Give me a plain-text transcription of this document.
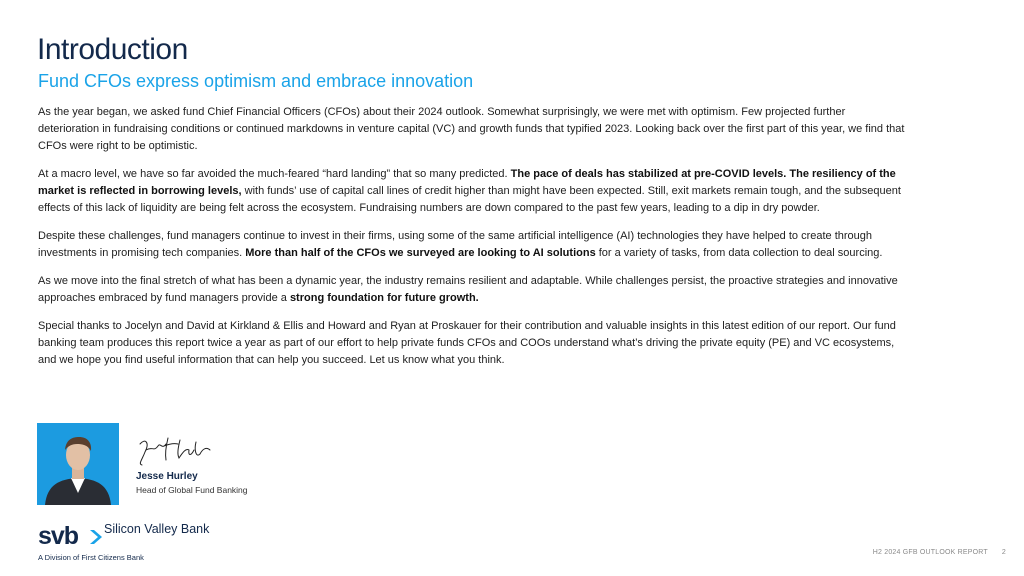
Introduction
Fund CFOs express optimism and embrace innovation

As the year began, we asked fund Chief Financial Officers (CFOs) about their 2024 outlook. Somewhat surprisingly, we were met with optimism. Few projected further deterioration in fundraising conditions or continued markdowns in venture capital (VC) and growth funds that typified 2023. Looking back over the first part of this year, we find that CFOs were right to be optimistic.

At a macro level, we have so far avoided the much-feared “hard landing” that so many predicted. The pace of deals has stabilized at pre-COVID levels. The resiliency of the market is reflected in borrowing levels, with funds’ use of capital call lines of credit higher than might have been expected. Still, exit markets remain tough, and the subsequent effects of this lack of liquidity are being felt across the ecosystem. Fundraising numbers are down compared to the past few years, leading to a dip in dry powder.

Despite these challenges, fund managers continue to invest in their firms, using some of the same artificial intelligence (AI) technologies they have helped to create through investments in promising tech companies. More than half of the CFOs we surveyed are looking to AI solutions for a variety of tasks, from data collection to deal sourcing.

As we move into the final stretch of what has been a dynamic year, the industry remains resilient and adaptable. While challenges persist, the proactive strategies and innovative approaches embraced by fund managers provide a strong foundation for future growth.

Special thanks to Jocelyn and David at Kirkland & Ellis and Howard and Ryan at Proskauer for their contribution and valuable insights in this latest edition of our report. Our fund banking team produces this report twice a year as part of our effort to help private funds CFOs and COOs understand what’s driving the private equity (PE) and VC ecosystems, and we hope you find useful information that can help you succeed. Let us know what you think.

Jesse Hurley
Head of Global Fund Banking
svb Silicon Valley Bank
A Division of First Citizens Bank
H2 2024 GFB OUTLOOK REPORT 2
